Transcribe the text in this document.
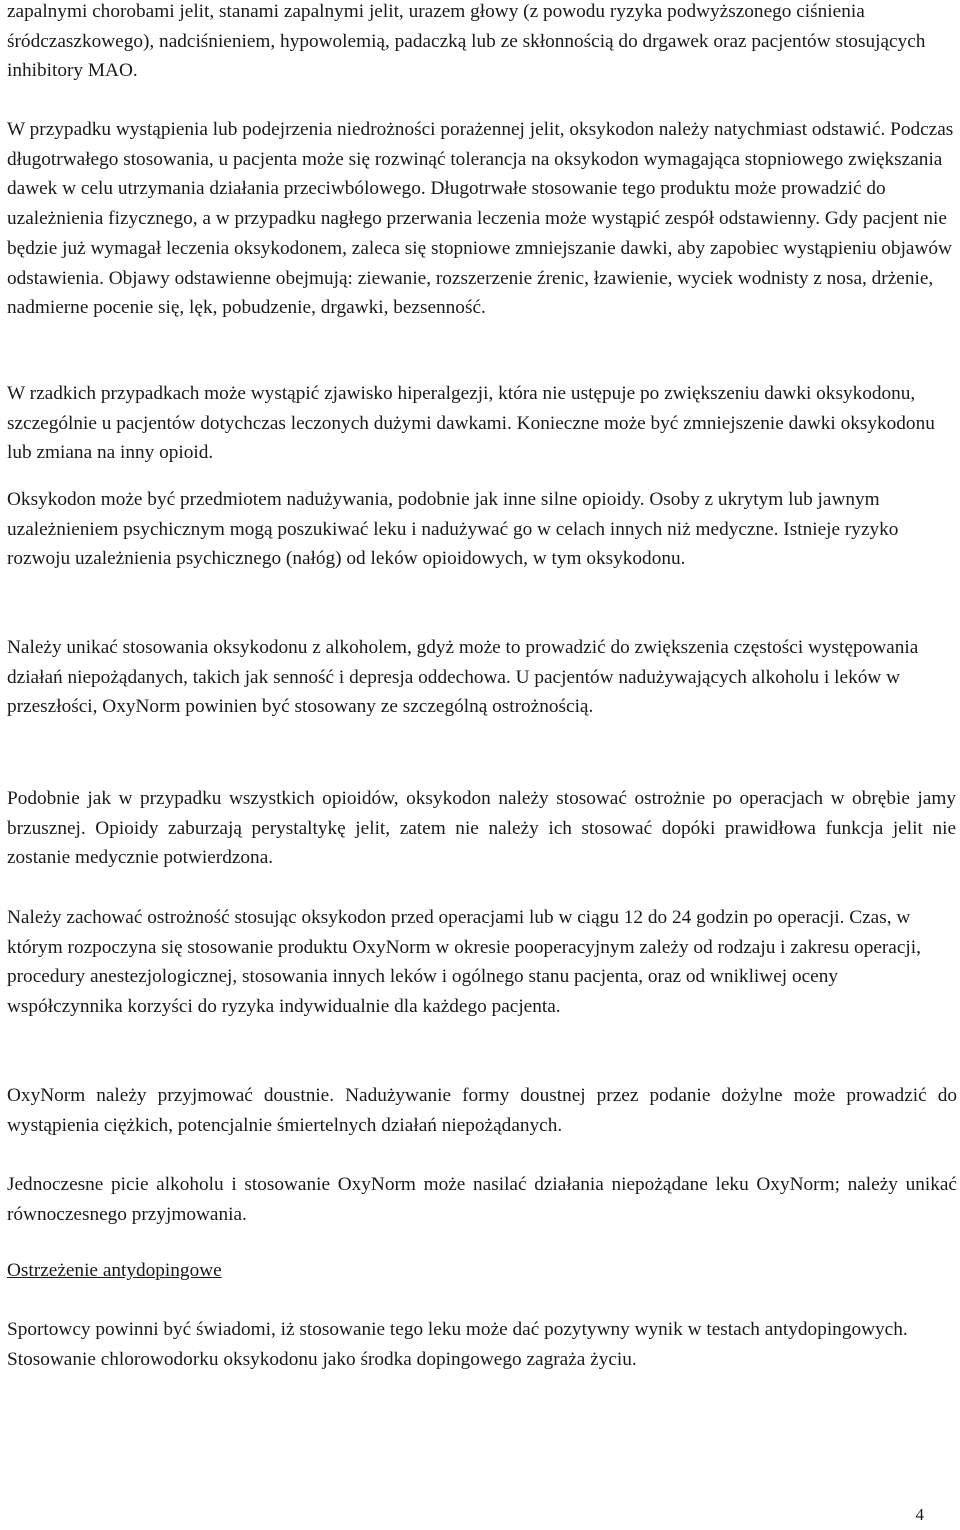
zapalnymi chorobami jelit, stanami zapalnymi jelit, urazem głowy (z powodu ryzyka podwyższonego ciśnienia śródczaszkowego), nadciśnieniem, hypowolemią, padaczką lub ze skłonnością do drgawek oraz pacjentów stosujących inhibitory MAO.

W przypadku wystąpienia lub podejrzenia niedrożności porażennej jelit, oksykodon należy natychmiast odstawić. Podczas długotrwałego stosowania, u pacjenta może się rozwinąć tolerancja na oksykodon wymagająca stopniowego zwiększania dawek w celu utrzymania działania przeciwbólowego. Długotrwałe stosowanie tego produktu może prowadzić do uzależnienia fizycznego, a w przypadku nagłego przerwania leczenia może wystąpić zespół odstawienny. Gdy pacjent nie będzie już wymagał leczenia oksykodonem, zaleca się stopniowe zmniejszanie dawki, aby zapobiec wystąpieniu objawów odstawienia. Objawy odstawienne obejmują: ziewanie, rozszerzenie źrenic, łzawienie, wyciek wodnisty z nosa, drżenie, nadmierne pocenie się, lęk, pobudzenie, drgawki, bezsenność.

W rzadkich przypadkach może wystąpić zjawisko hiperalgezji, która nie ustępuje po zwiększeniu dawki oksykodonu, szczególnie u pacjentów dotychczas leczonych dużymi dawkami. Konieczne może być zmniejszenie dawki oksykodonu lub zmiana na inny opioid.

Oksykodon może być przedmiotem nadużywania, podobnie jak inne silne opioidy. Osoby z ukrytym lub jawnym uzależnieniem psychicznym mogą poszukiwać leku i nadużywać go w celach innych niż medyczne. Istnieje ryzyko rozwoju uzależnienia psychicznego (nałóg) od leków opioidowych, w tym oksykodonu.

Należy unikać stosowania oksykodonu z alkoholem, gdyż może to prowadzić do zwiększenia częstości występowania działań niepożądanych, takich jak senność i depresja oddechowa. U pacjentów nadużywających alkoholu i leków w przeszłości, OxyNorm powinien być stosowany ze szczególną ostrożnością.

Podobnie jak w przypadku wszystkich opioidów, oksykodon należy stosować ostrożnie po operacjach w obrębie jamy brzusznej. Opioidy zaburzają perystaltykę jelit, zatem nie należy ich stosować dopóki prawidłowa funkcja jelit nie zostanie medycznie potwierdzona.

Należy zachować ostrożność stosując oksykodon przed operacjami lub w ciągu 12 do 24 godzin po operacji. Czas, w którym rozpoczyna się stosowanie produktu OxyNorm w okresie pooperacyjnym zależy od rodzaju i zakresu operacji, procedury anestezjologicznej, stosowania innych leków i ogólnego stanu pacjenta, oraz od wnikliwej oceny współczynnika korzyści do ryzyka indywidualnie dla każdego pacjenta.

OxyNorm należy przyjmować doustnie. Nadużywanie formy doustnej przez podanie dożylne może prowadzić do wystąpienia ciężkich, potencjalnie śmiertelnych działań niepożądanych.

Jednoczesne picie alkoholu i stosowanie OxyNorm może nasilać działania niepożądane leku OxyNorm; należy unikać równoczesnego przyjmowania.

Ostrzeżenie antydopingowe

Sportowcy powinni być świadomi, iż stosowanie tego leku może dać pozytywny wynik w testach antydopingowych. Stosowanie chlorowodorku oksykodonu jako środka dopingowego zagraża życiu.

4
